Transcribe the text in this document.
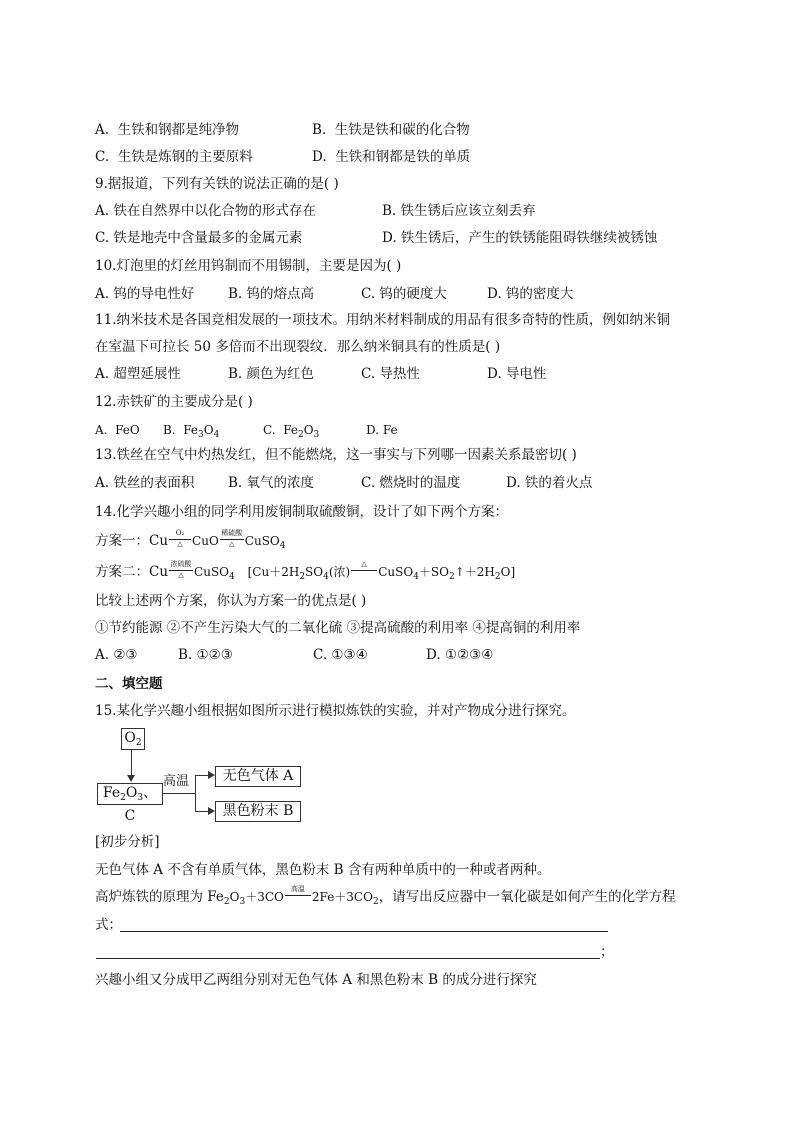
A.  生铁和钢都是纯净物	B.  生铁是铁和碳的化合物
C.  生铁是炼钢的主要原料	D.  生铁和钢都是铁的单质
9.据报道，下列有关铁的说法正确的是( )
A. 铁在自然界中以化合物的形式存在	B. 铁生锈后应该立刻丢弃
C. 铁是地壳中含量最多的金属元素	D. 铁生锈后，产生的铁锈能阻碍铁继续被锈蚀
10.灯泡里的灯丝用钨制而不用锡制，主要是因为( )
A. 钨的导电性好 B. 钨的熔点高	C. 钨的硬度大	D. 钨的密度大
11.纳米技术是各国竞相发展的一项技术。用纳米材料制成的用品有很多奇特的性质，例如纳米铜
在室温下可拉长 50 多倍而不出现裂纹．那么纳米铜具有的性质是( )
A. 超塑延展性	B. 颜色为红色	C. 导热性	D. 导电性
12.赤铁矿的主要成分是( )
A.  FeO B.  $Fe_3O_4$	C.  $Fe_2O_3$	D. Fe
13.铁丝在空气中灼热发红，但不能燃烧，这一事实与下列哪一因素关系最密切( )
A. 铁丝的表面积 B. 氧气的浓度	C. 燃烧时的温度	D. 铁的着火点
14.化学兴趣小组的同学利用废铜制取硫酸铜，设计了如下两个方案：
方案一：Cu	O₂
△ CuO
稀硫酸
△ CuSO$_4$
方案二：Cu 浓硫酸
△ CuSO$_4$ [$Cu+2H_2SO_4$(浓)
△
$CuSO_4+SO_2↑+2H_2O$]
比较上述两个方案，你认为方案一的优点是( )
①节约能源 ②不产生污染大气的二氧化硫 ③提高硫酸的利用率 ④提高铜的利用率
A. ②③	B. ①②③	C. ①③④	D. ①②③④
二、填空题
15.某化学兴趣小组根据如图所示进行模拟炼铁的实验，并对产物成分进行探究。
$O_2$
$Fe_2O_3$、C
高温	无色气体 A
黑色粉末 B
[初步分析]
无色气体 A 不含有单质气体，黑色粉末 B 含有两种单质中的一种或者两种。
高炉炼铁的原理为 $Fe_2O_3+3CO$
高温
$2Fe+3CO_2$，请写出反应器中一氧化碳是如何产生的化学方程
式：
；
兴趣小组又分成甲乙两组分别对无色气体 A 和黑色粉末 B 的成分进行探究
